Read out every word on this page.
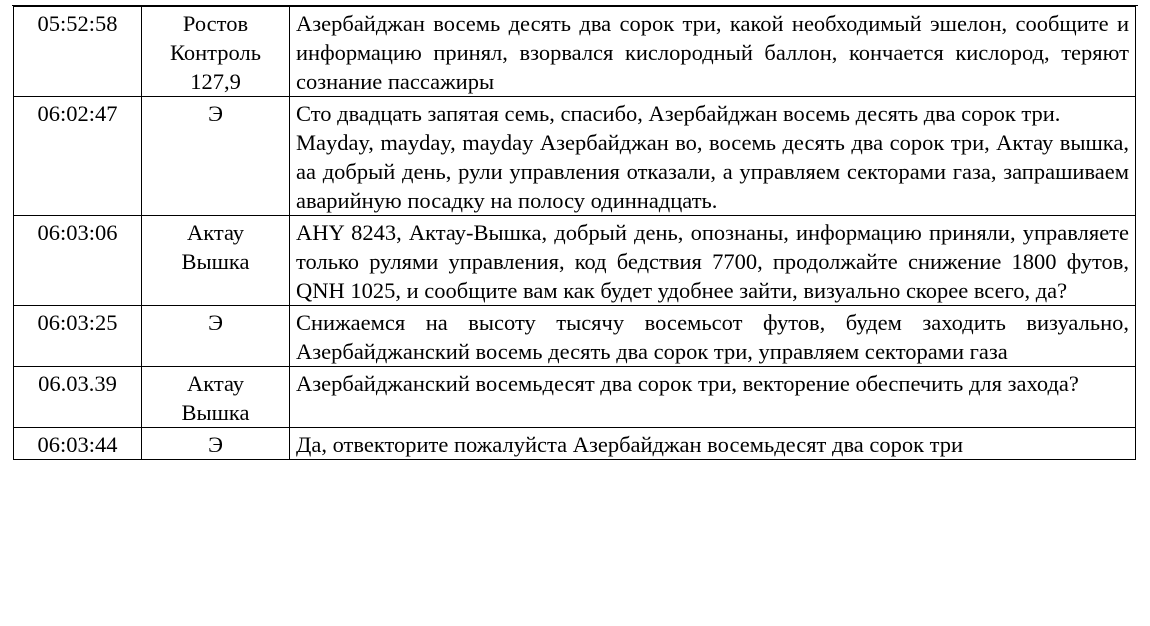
05:52:58	Ростов
Контроль
127,9	Азербайджан восемь десять два сорок три, какой необходимый эшелон, сообщите и информацию принял, взорвался кислородный баллон, кончается кислород, теряют сознание пассажиры

06:02:47	Э	Сто двадцать запятая семь, спасибо, Азербайджан восемь десять два сорок три.
Mayday, mayday, mayday Азербайджан во, восемь десять два сорок три, Актау вышка, аа добрый день, рули управления отказали, а управляем секторами газа, запрашиваем аварийную посадку на полосу одиннадцать.

06:03:06	Актау
Вышка	AHY 8243, Актау-Вышка, добрый день, опознаны, информацию приняли, управляете только рулями управления, код бедствия 7700, продолжайте снижение 1800 футов, QNH 1025, и сообщите вам как будет удобнее зайти, визуально скорее всего, да?

06:03:25	Э	Снижаемся на высоту тысячу восемьсот футов, будем заходить визуально, Азербайджанский восемь десять два сорок три, управляем секторами газа

06.03.39	Актау
Вышка	Азербайджанский восемьдесят два сорок три, векторение обеспечить для захода?

06:03:44	Э	Да, отвекторите пожалуйста Азербайджан восемьдесят два сорок три
